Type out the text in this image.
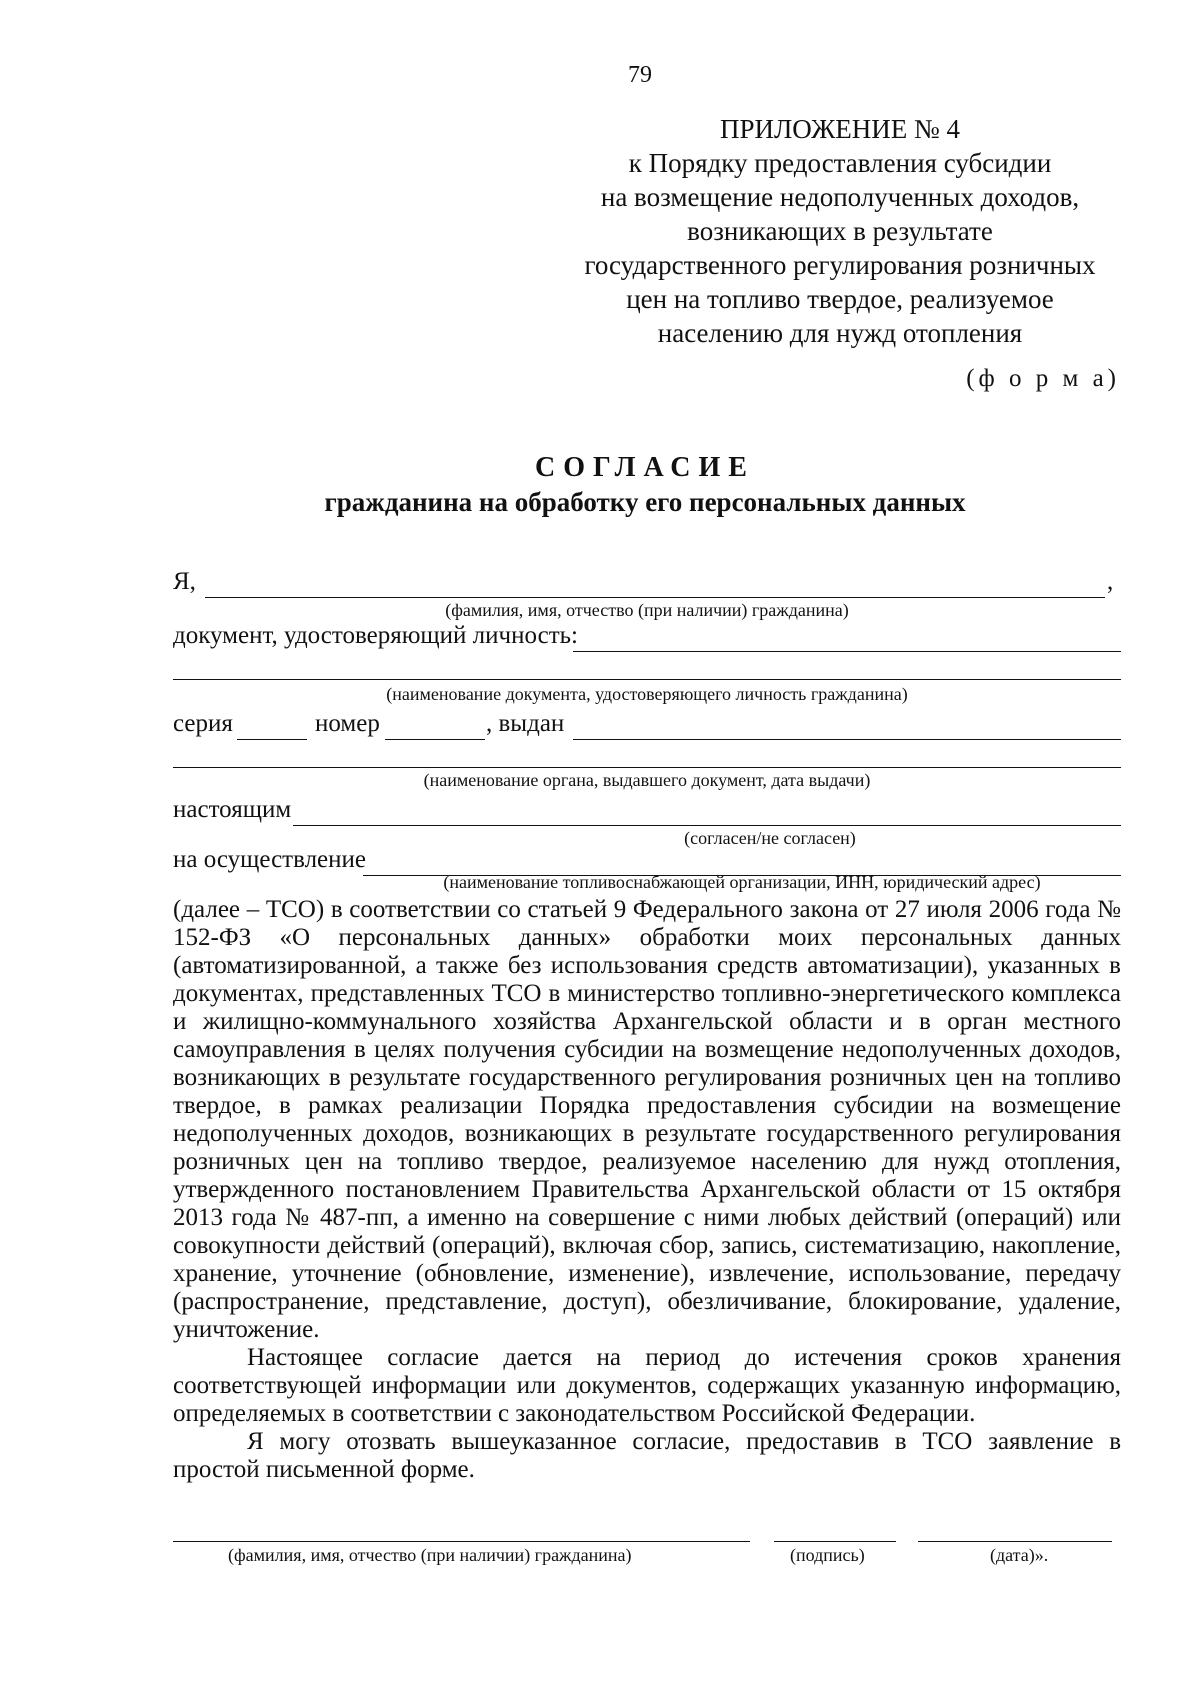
79
ПРИЛОЖЕНИЕ № 4
к Порядку предоставления субсидии
на возмещение недополученных доходов,
возникающих в результате
государственного регулирования розничных
цен на топливо твердое, реализуемое
населению для нужд отопления
(ф о р м а)
СОГЛАСИЕ
гражданина на обработку его персональных данных
Я,	,
(фамилия, имя, отчество (при наличии) гражданина)
документ, удостоверяющий личность:
(наименование документа, удостоверяющего личность гражданина)
серия	номер	, выдан
(наименование органа, выдавшего документ, дата выдачи)
настоящим
(согласен/не согласен)
на осуществление
(наименование топливоснабжающей организации, ИНН, юридический адрес)

(далее – ТСО) в соответствии со статьей 9 Федерального закона от 27 июля 2006 года № 152-ФЗ «О персональных данных» обработки моих персональных данных (автоматизированной, а также без использования средств автоматизации), указанных в документах, представленных ТСО в министерство топливно-энергетического комплекса и жилищно-коммунального хозяйства Архангельской области и в орган местного самоуправления в целях получения субсидии на возмещение недополученных доходов, возникающих в результате государственного регулирования розничных цен на топливо твердое, в рамках реализации Порядка предоставления субсидии на возмещение недополученных доходов, возникающих в результате государственного регулирования розничных цен на топливо твердое, реализуемое населению для нужд отопления, утвержденного постановлением Правительства Архангельской области от 15 октября 2013 года № 487-пп, а именно на совершение с ними любых действий (операций) или совокупности действий (операций), включая сбор, запись, систематизацию, накопление, хранение, уточнение (обновление, изменение), извлечение, использование, передачу (распространение, представление, доступ), обезличивание, блокирование, удаление, уничтожение.

Настоящее согласие дается на период до истечения сроков хранения соответствующей информации или документов, содержащих указанную информацию, определяемых в соответствии с законодательством Российской Федерации.

Я могу отозвать вышеуказанное согласие, предоставив в ТСО заявление в простой письменной форме.

(фамилия, имя, отчество (при наличии) гражданина)	(подпись)	(дата)».
